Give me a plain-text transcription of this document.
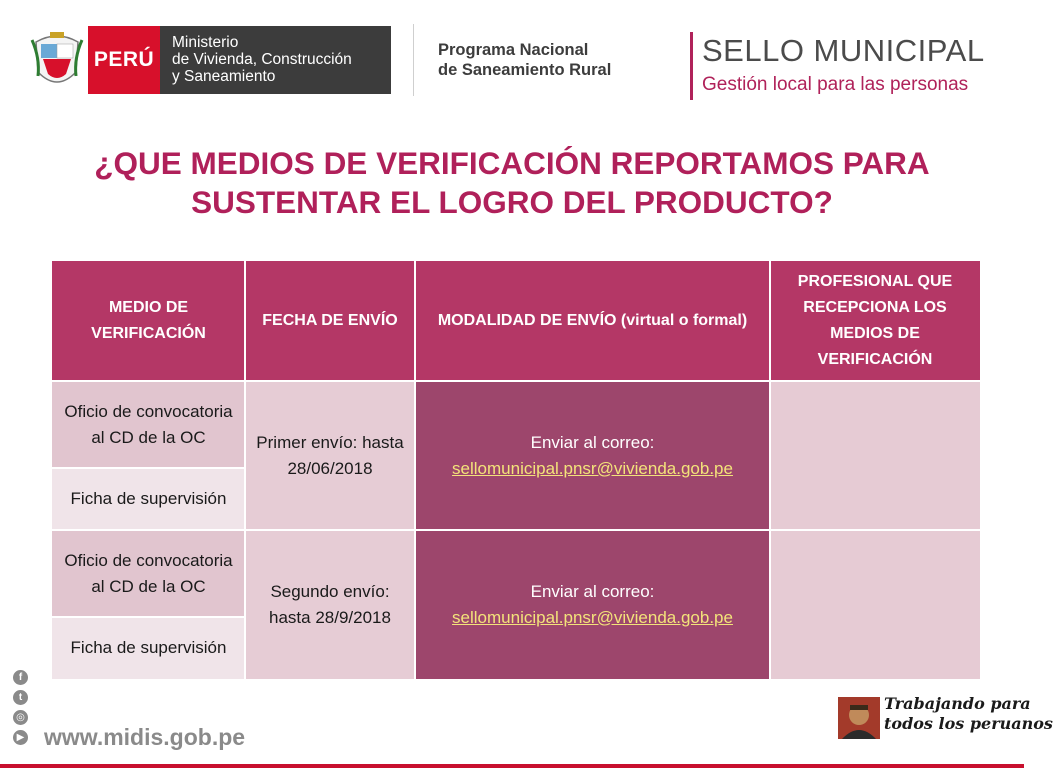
PERÚ
Ministerio
de Vivienda, Construcción
y Saneamiento
Programa Nacional
de Saneamiento Rural
SELLO MUNICIPAL
Gestión local para las personas
¿QUE MEDIOS DE VERIFICACIÓN REPORTAMOS PARA
SUSTENTAR EL LOGRO DEL PRODUCTO?
MEDIO DE VERIFICACIÓN
FECHA DE ENVÍO	MODALIDAD DE ENVÍO (virtual o formal)
PROFESIONAL QUE RECEPCIONA LOS MEDIOS DE VERIFICACIÓN
Oficio de convocatoria al CD de la OC
Ficha de supervisión
Primer envío: hasta 28/06/2018
Enviar al correo:
sellomunicipal.pnsr@vivienda.gob.pe
Oficio de convocatoria al CD de la OC
Ficha de supervisión
Segundo envío: hasta 28/9/2018
Enviar al correo:
sellomunicipal.pnsr@vivienda.gob.pe
f
t
◎
▶ www.midis.gob.pe
Trabajando para
todos los peruanos
